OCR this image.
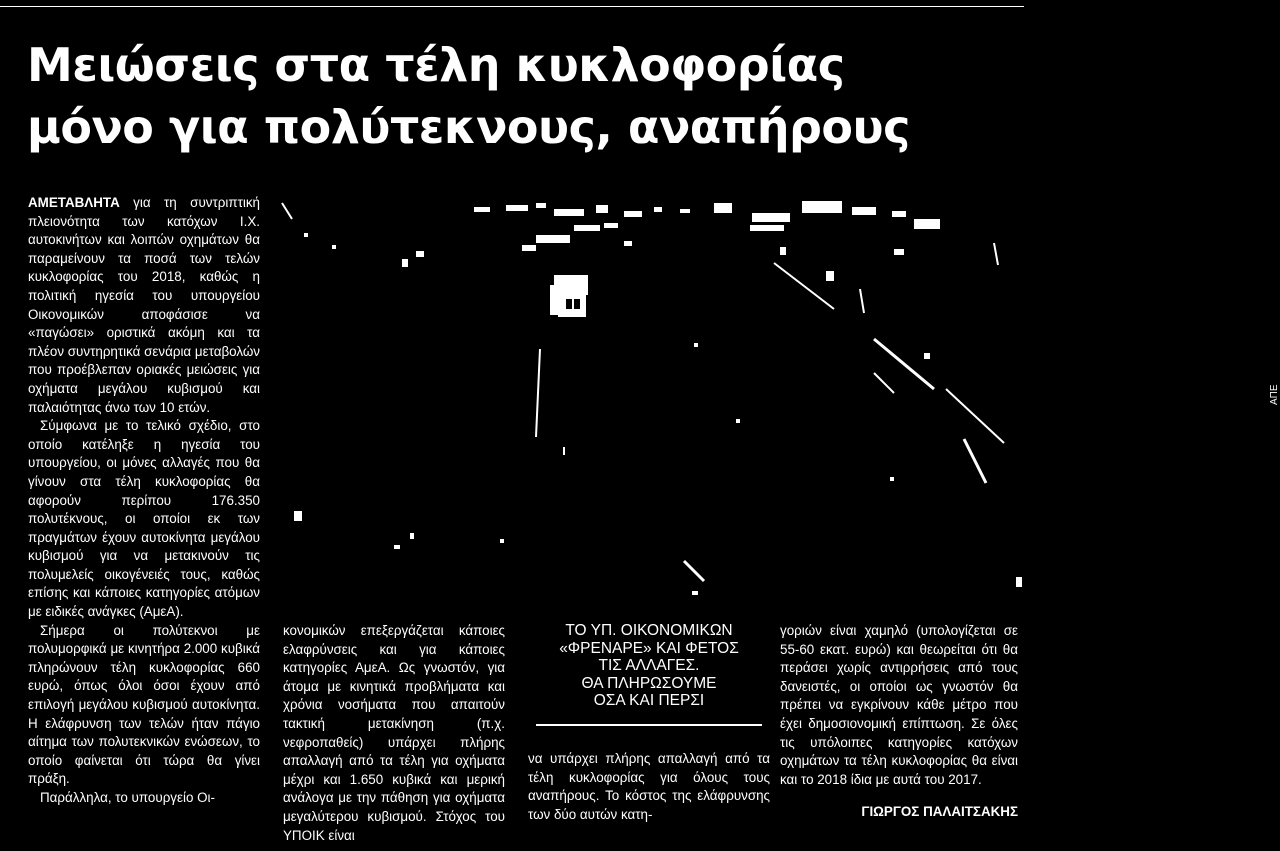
Μειώσεις στα τέλη κυκλοφορίας
μόνο για πολύτεκνους, αναπήρους

ΑΜΕΤΑΒΛΗΤΑ για τη συντριπτική πλειονότητα των κατόχων Ι.Χ. αυτοκινήτων και λοιπών οχημάτων θα παραμείνουν τα ποσά των τελών κυκλοφορίας του 2018, καθώς η πολιτική ηγεσία του υπουργείου Οικονομικών αποφάσισε να «παγώσει» οριστικά ακόμη και τα πλέον συντηρητικά σενάρια μεταβολών που προέβλεπαν οριακές μειώσεις για οχήματα μεγάλου κυβισμού και παλαιότητας άνω των 10 ετών.

Σύμφωνα με το τελικό σχέδιο, στο οποίο κατέληξε η ηγεσία του υπουργείου, οι μόνες αλλαγές που θα γίνουν στα τέλη κυκλοφορίας θα αφορούν περίπου 176.350 πολυτέκνους, οι οποίοι εκ των πραγμάτων έχουν αυτοκίνητα μεγάλου κυβισμού για να μετακινούν τις πολυμελείς οικογένειές τους, καθώς επίσης και κάποιες κατηγορίες ατόμων με ειδικές ανάγκες (ΑμεΑ).

Σήμερα οι πολύτεκνοι με πολυμορφικά με κινητήρα 2.000 κυβικά πληρώνουν τέλη κυκλοφορίας 660 ευρώ, όπως όλοι όσοι έχουν από επιλογή μεγάλου κυβισμού αυτοκίνητα. Η ελάφρυνση των τελών ήταν πάγιο αίτημα των πολυτεκνικών ενώσεων, το οποίο φαίνεται ότι τώρα θα γίνει πράξη.

Παράλληλα, το υπουργείο Οι-

ΑΠΕ

κονομικών επεξεργάζεται κάποιες ελαφρύνσεις και για κάποιες κατηγορίες ΑμεΑ. Ως γνωστόν, για άτομα με κινητικά προβλήματα και χρόνια νοσήματα που απαιτούν τακτική μετακίνηση (π.χ. νεφροπαθείς) υπάρχει πλήρης απαλλαγή από τα τέλη για οχήματα μέχρι και 1.650 κυβικά και μερική ανάλογα με την πάθηση για οχήματα μεγαλύτερου κυβισμού. Στόχος του ΥΠΟΙΚ είναι

ΤΟ ΥΠ. ΟΙΚΟΝΟΜΙΚΩΝ
«ΦΡΕΝΑΡΕ» ΚΑΙ ΦΕΤΟΣ
ΤΙΣ ΑΛΛΑΓΕΣ.
ΘΑ ΠΛΗΡΩΣΟΥΜΕ
ΟΣΑ ΚΑΙ ΠΕΡΣΙ

να υπάρχει πλήρης απαλλαγή από τα τέλη κυκλοφορίας για όλους τους αναπήρους. Το κόστος της ελάφρυνσης των δύο αυτών κατη-

γοριών είναι χαμηλό (υπολογίζεται σε 55-60 εκατ. ευρώ) και θεωρείται ότι θα περάσει χωρίς αντιρρήσεις από τους δανειστές, οι οποίοι ως γνωστόν θα πρέπει να εγκρίνουν κάθε μέτρο που έχει δημοσιονομική επίπτωση. Σε όλες τις υπόλοιπες κατηγορίες κατόχων οχημάτων τα τέλη κυκλοφορίας θα είναι και το 2018 ίδια με αυτά του 2017.

ΓΙΩΡΓΟΣ ΠΑΛΑΙΤΣΑΚΗΣ
